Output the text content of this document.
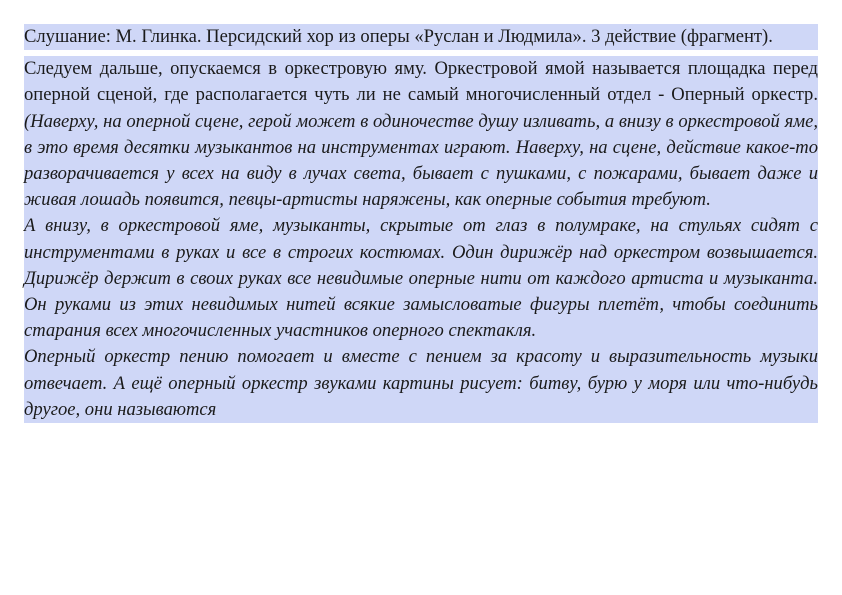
Слушание: М. Глинка. Персидский хор из оперы «Руслан и Людмила». 3 действие (фрагмент).

Следуем дальше, опускаемся в оркестровую яму. Оркестровой ямой называется площадка перед оперной сценой, где располагается чуть ли не самый многочисленный отдел - Оперный оркестр. (Наверху, на оперной сцене, герой может в одиночестве душу изливать, а внизу в оркестровой яме, в это время десятки музыкантов на инструментах играют. Наверху, на сцене, действие какое-то разворачивается у всех на виду в лучах света, бывает с пушками, с пожарами, бывает даже и живая лошадь появится, певцы-артисты наряжены, как оперные события требуют.

А внизу, в оркестровой яме, музыканты, скрытые от глаз в полумраке, на стульях сидят с инструментами в руках и все в строгих костюмах. Один дирижёр над оркестром возвышается. Дирижёр держит в своих руках все невидимые оперные нити от каждого артиста и музыканта. Он руками из этих невидимых нитей всякие замысловатые фигуры плетёт, чтобы соединить старания всех многочисленных участников оперного спектакля.

Оперный оркестр пению помогает и вместе с пением за красоту и выразительность музыки отвечает. А ещё оперный оркестр звуками картины рисует: битву, бурю у моря или что-нибудь другое, они называются
